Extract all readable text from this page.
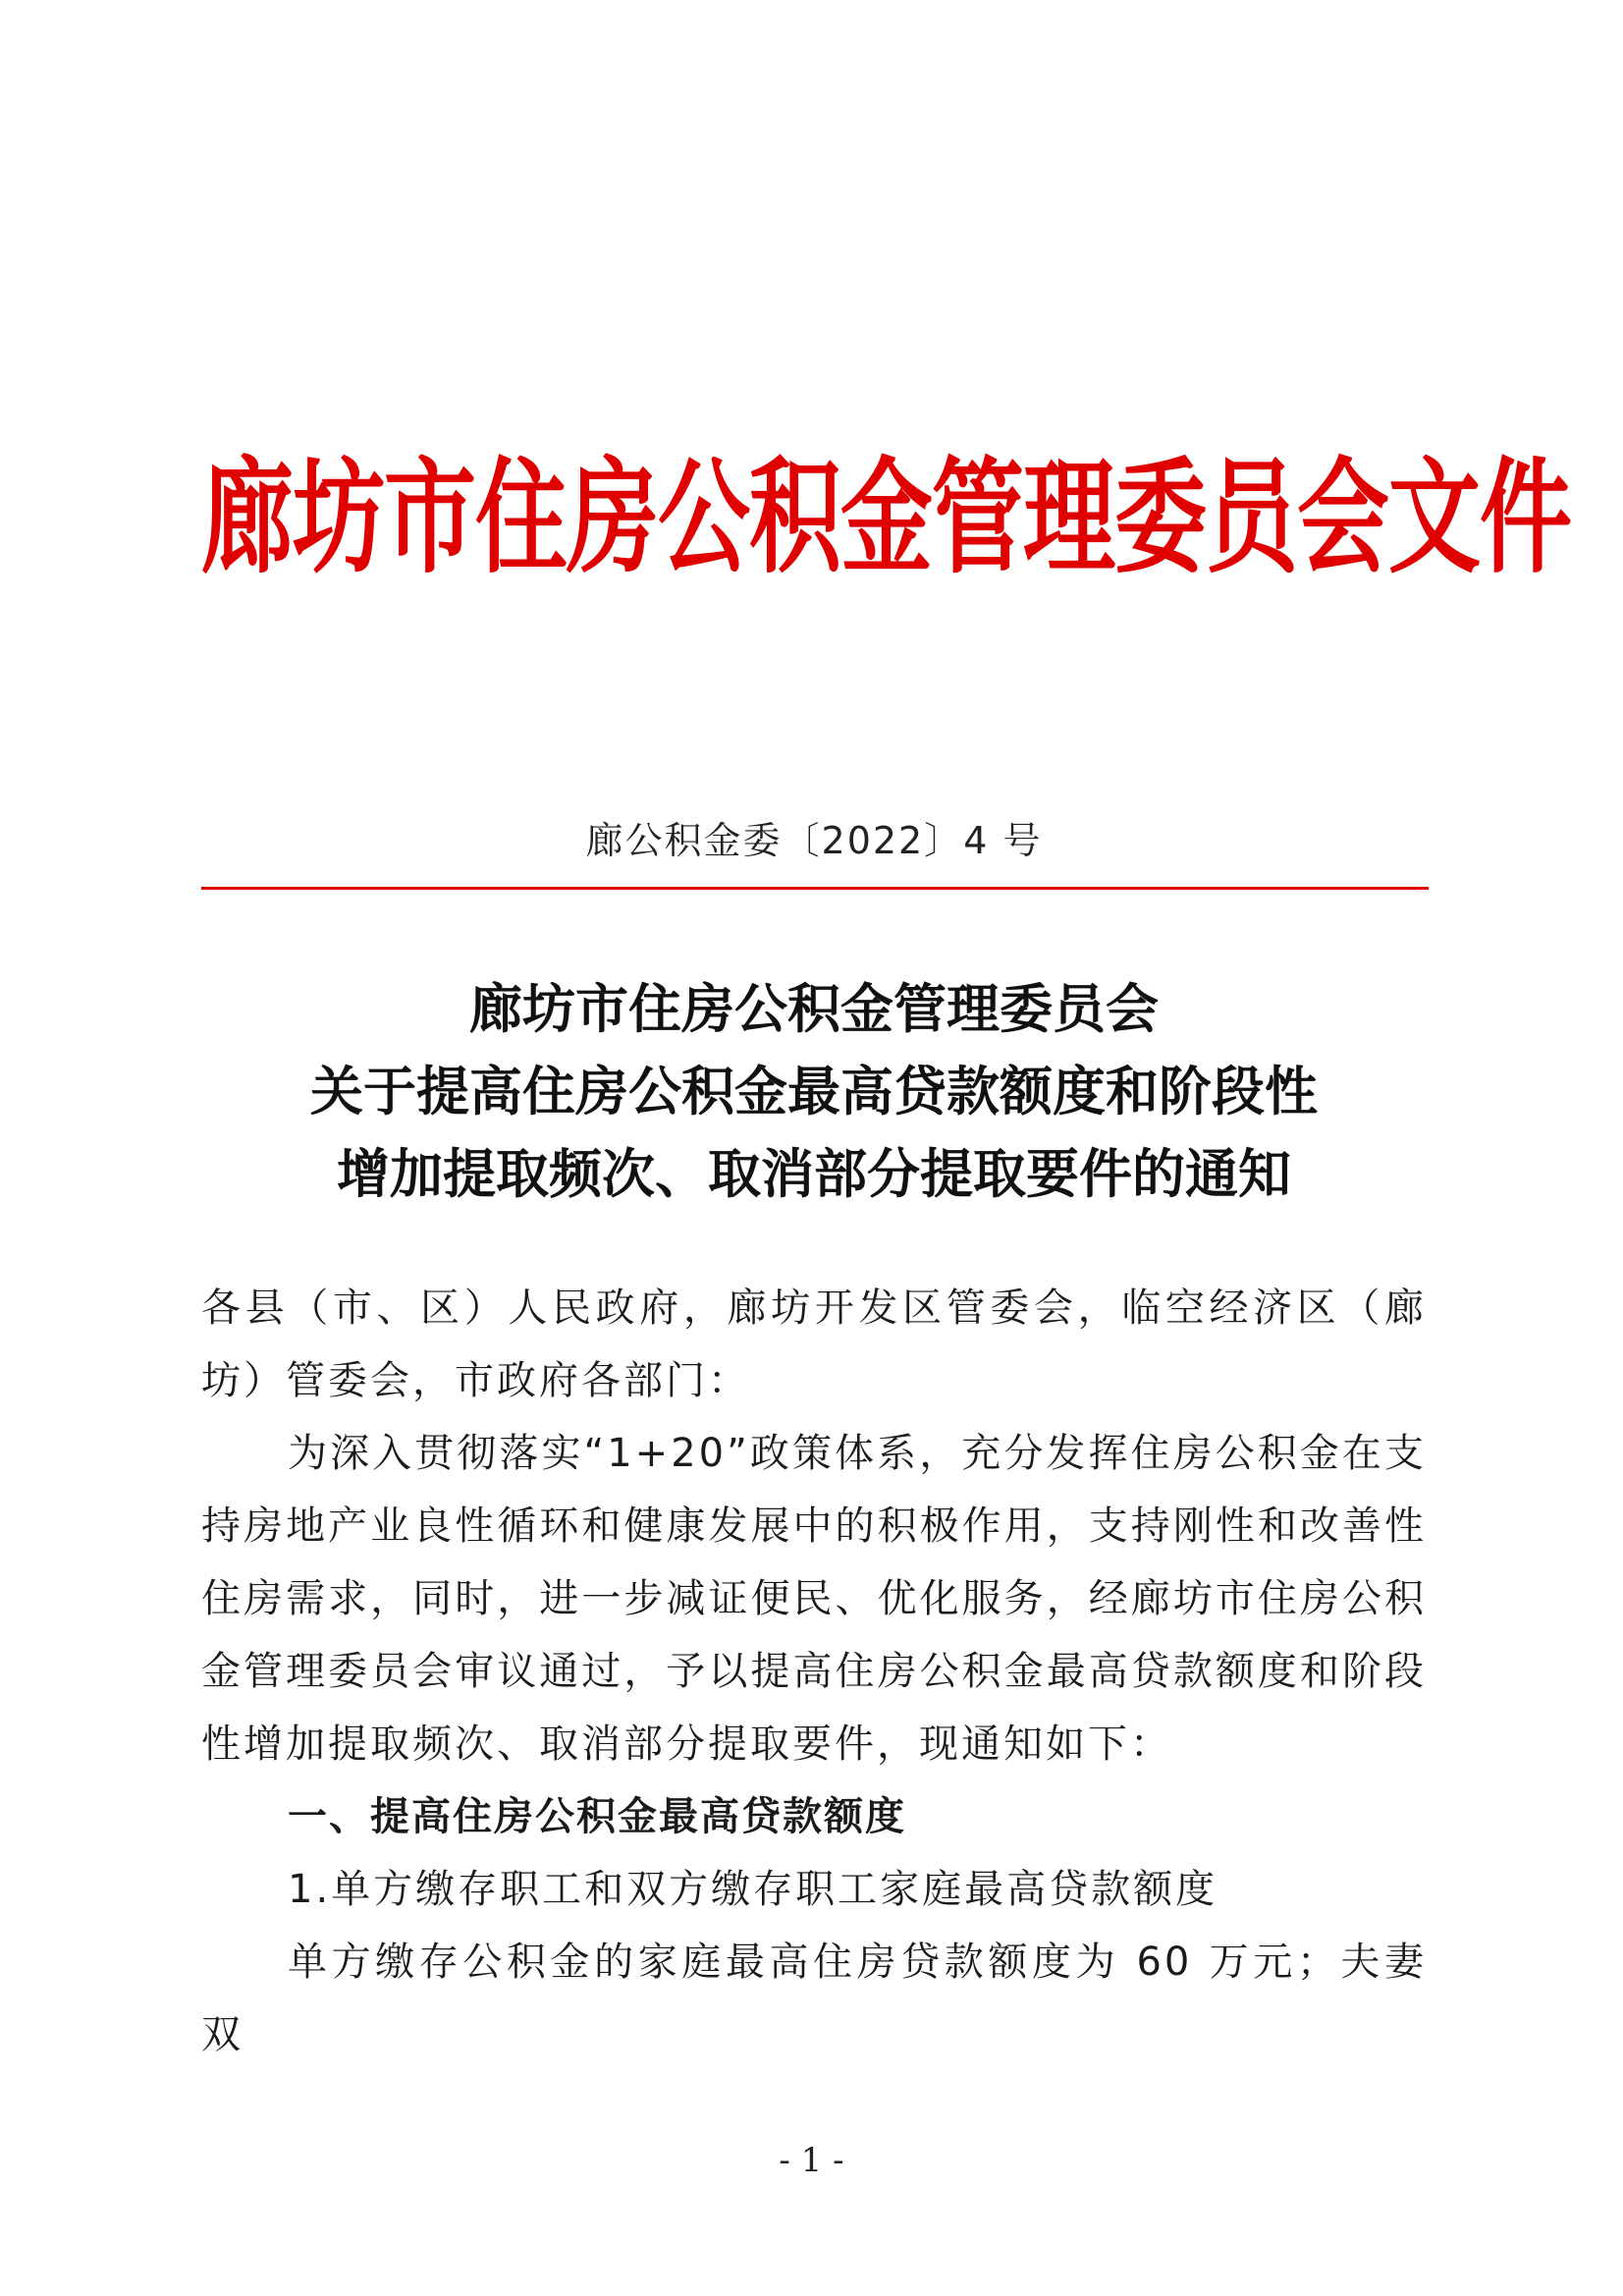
廊坊市住房公积金管理委员会文件
廊公积金委〔2022〕4 号
廊坊市住房公积金管理委员会
关于提高住房公积金最高贷款额度和阶段性
增加提取频次、取消部分提取要件的通知

各县（市、区）人民政府，廊坊开发区管委会，临空经济区（廊坊）管委会，市政府各部门：

为深入贯彻落实“1+20”政策体系，充分发挥住房公积金在支持房地产业良性循环和健康发展中的积极作用，支持刚性和改善性住房需求，同时，进一步减证便民、优化服务，经廊坊市住房公积金管理委员会审议通过，予以提高住房公积金最高贷款额度和阶段性增加提取频次、取消部分提取要件，现通知如下：

一、提高住房公积金最高贷款额度

1.单方缴存职工和双方缴存职工家庭最高贷款额度

单方缴存公积金的家庭最高住房贷款额度为 60 万元；夫妻双

- 1 -
